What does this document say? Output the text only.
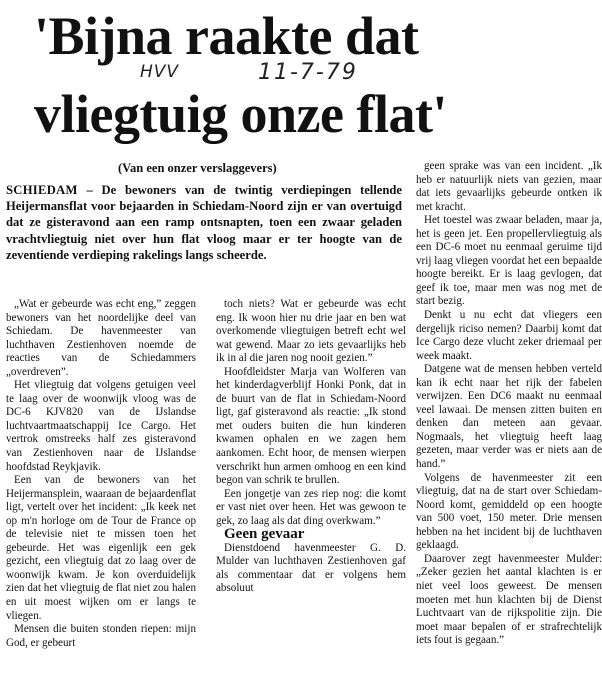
'Bijna raakte dat
vliegtuig onze flat'
HVV	11-7-79
(Van een onzer verslaggevers)
SCHIEDAM – De bewoners van de twintig verdiepingen tellende Heijermansflat voor bejaarden in Schiedam-Noord zijn er van overtuigd dat ze gisteravond aan een ramp ontsnapten, toen een zwaar geladen vrachtvliegtuig niet over hun flat vloog maar er ter hoogte van de zeventiende verdieping rakelings langs scheerde.

„Wat er gebeurde was echt eng,” zeggen bewoners van het noordelijke deel van Schiedam. De havenmeester van luchthaven Zestienhoven noemde de reacties van de Schiedammers „overdreven”.

Het vliegtuig dat volgens getuigen veel te laag over de woonwijk vloog was de DC-6 KJV820 van de IJslandse luchtvaartmaatschappij Ice Cargo. Het vertrok omstreeks half zes gisteravond van Zestienhoven naar de IJslandse hoofdstad Reykjavik.

Een van de bewoners van het Heijermansplein, waaraan de bejaardenflat ligt, vertelt over het incident: „Ik keek net op m'n horloge om de Tour de France op de televisie niet te missen toen het gebeurde. Het was eigenlijk een gek gezicht, een vliegtuig dat zo laag over de woonwijk kwam. Je kon overduidelijk zien dat het vliegtuig de flat niet zou halen en uit moest wijken om er langs te vliegen.

Mensen die buiten stonden riepen: mijn God, er gebeurt

toch niets? Wat er gebeurde was echt eng. Ik woon hier nu drie jaar en ben wat overkomende vliegtuigen betreft echt wel wat gewend. Maar zo iets gevaarlijks heb ik in al die jaren nog nooit gezien.”

Hoofdleidster Marja van Wolferen van het kinderdagverblijf Honki Ponk, dat in de buurt van de flat in Schiedam-Noord ligt, gaf gisteravond als reactie: „Ik stond met ouders buiten die hun kinderen kwamen ophalen en we zagen hem aankomen. Echt hoor, de mensen wierpen verschrikt hun armen omhoog en een kind begon van schrik te brullen.

Een jongetje van zes riep nog: die komt er vast niet over heen. Het was gewoon te gek, zo laag als dat ding overkwam.”

Geen gevaar

Dienstdoend havenmeester G. D. Mulder van luchthaven Zestienhoven gaf als commentaar dat er volgens hem absoluut

geen sprake was van een incident. „Ik heb er natuurlijk niets van gezien, maar dat iets gevaarlijks gebeurde ontken ik met kracht.

Het toestel was zwaar beladen, maar ja, het is geen jet. Een propellervliegtuig als een DC-6 moet nu eenmaal geruime tijd vrij laag vliegen voordat het een bepaalde hoogte bereikt. Er is laag gevlogen, dat geef ik toe, maar men was nog met de start bezig.

Denkt u nu echt dat vliegers een dergelijk riciso nemen? Daarbij komt dat Ice Cargo deze vlucht zeker driemaal per week maakt.

Datgene wat de mensen hebben verteld kan ik echt naar het rijk der fabelen verwijzen. Een DC6 maakt nu eenmaal veel lawaai. De mensen zitten buiten en denken dan meteen aan gevaar. Nogmaals, het vliegtuig heeft laag gezeten, maar verder was er niets aan de hand.”

Volgens de havenmeester zit een vliegtuig, dat na de start over Schiedam-Noord komt, gemiddeld op een hoogte van 500 voet, 150 meter. Drie mensen hebben na het incident bij de luchthaven geklaagd.

Daarover zegt havenmeester Mulder: „Zeker gezien het aantal klachten is er niet veel loos geweest. De mensen moeten met hun klachten bij de Dienst Luchtvaart van de rijkspolitie zijn. Die moet maar bepalen of er strafrechtelijk iets fout is gegaan.”
